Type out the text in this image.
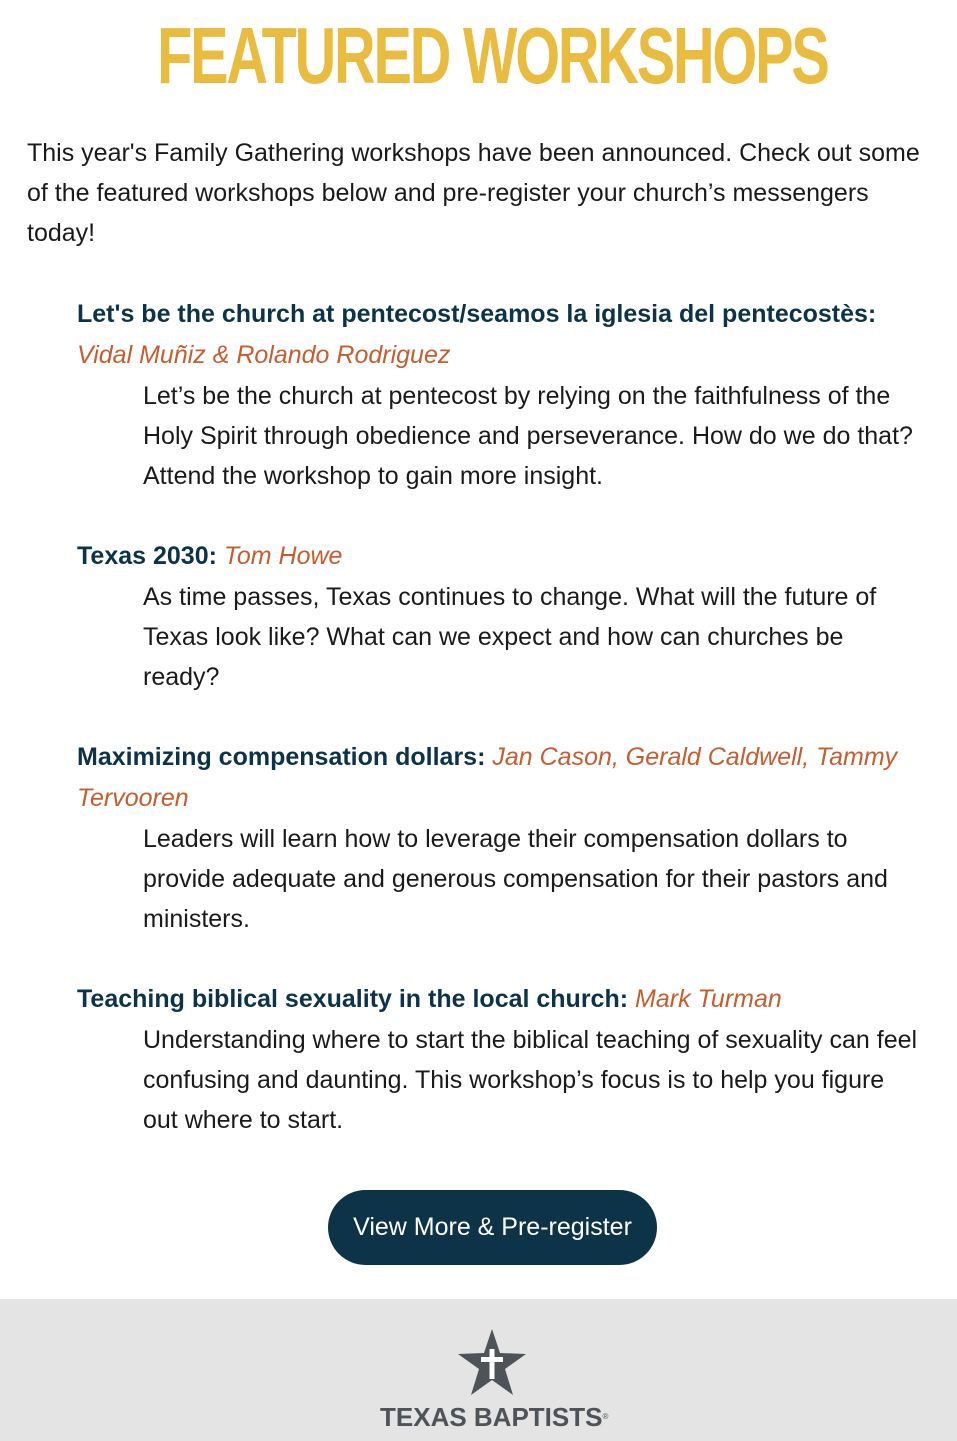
FEATURED WORKSHOPS

This year's Family Gathering workshops have been announced. Check out some of the featured workshops below and pre-register your church’s messengers today!

Let's be the church at pentecost/seamos la iglesia del pentecostès: Vidal Muñiz & Rolando Rodriguez

Let’s be the church at pentecost by relying on the faithfulness of the Holy Spirit through obedience and perseverance. How do we do that? Attend the workshop to gain more insight.

Texas 2030: Tom Howe

As time passes, Texas continues to change. What will the future of Texas look like? What can we expect and how can churches be ready?

Maximizing compensation dollars: Jan Cason, Gerald Caldwell, Tammy Tervooren

Leaders will learn how to leverage their compensation dollars to provide adequate and generous compensation for their pastors and ministers.

Teaching biblical sexuality in the local church: Mark Turman

Understanding where to start the biblical teaching of sexuality can feel confusing and daunting. This workshop’s focus is to help you figure out where to start.

View More & Pre-register
TEXAS BAPTISTS®
